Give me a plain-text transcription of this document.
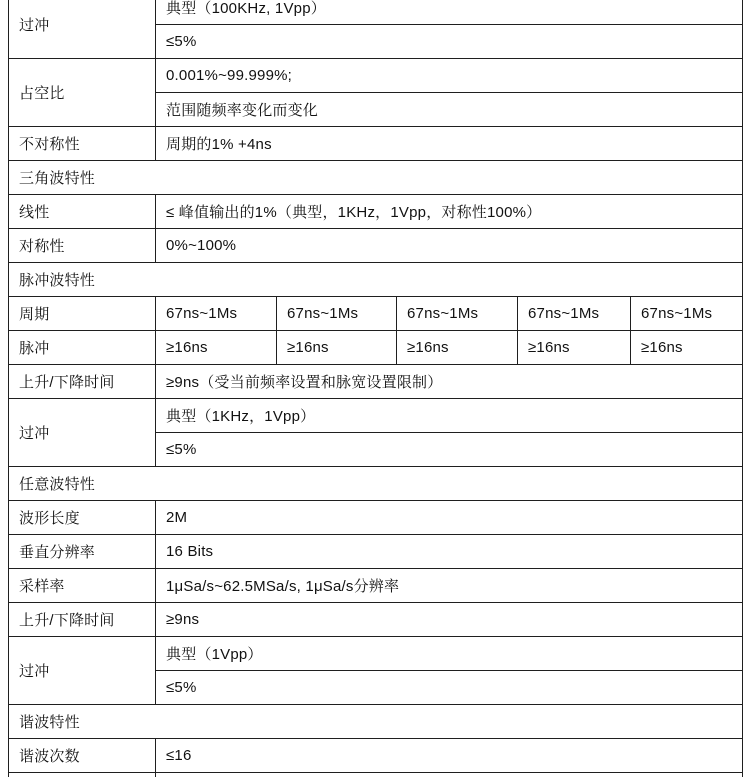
过冲	典型（100KHz, 1Vpp）				
	≤5%				
占空比	0.001%~99.999%;				
	范围随频率变化而变化				
不对称性	周期的1% +4ns				
三角波特性					
线性	≤ 峰值输出的1%（典型，1KHz，1Vpp，对称性100%）				
对称性	0%~100%				
脉冲波特性					
周期	67ns~1Ms	67ns~1Ms	67ns~1Ms	67ns~1Ms	67ns~1Ms
脉冲	≥16ns	≥16ns	≥16ns	≥16ns	≥16ns
上升/下降时间	≥9ns（受当前频率设置和脉宽设置限制）				
过冲	典型（1KHz，1Vpp）				
	≤5%				
任意波特性					
波形长度	2M				
垂直分辨率	16 Bits				
采样率	1μSa/s~62.5MSa/s, 1μSa/s分辨率				
上升/下降时间	≥9ns				
过冲	典型（1Vpp）				
	≤5%				
谐波特性					
谐波次数	≤16				
